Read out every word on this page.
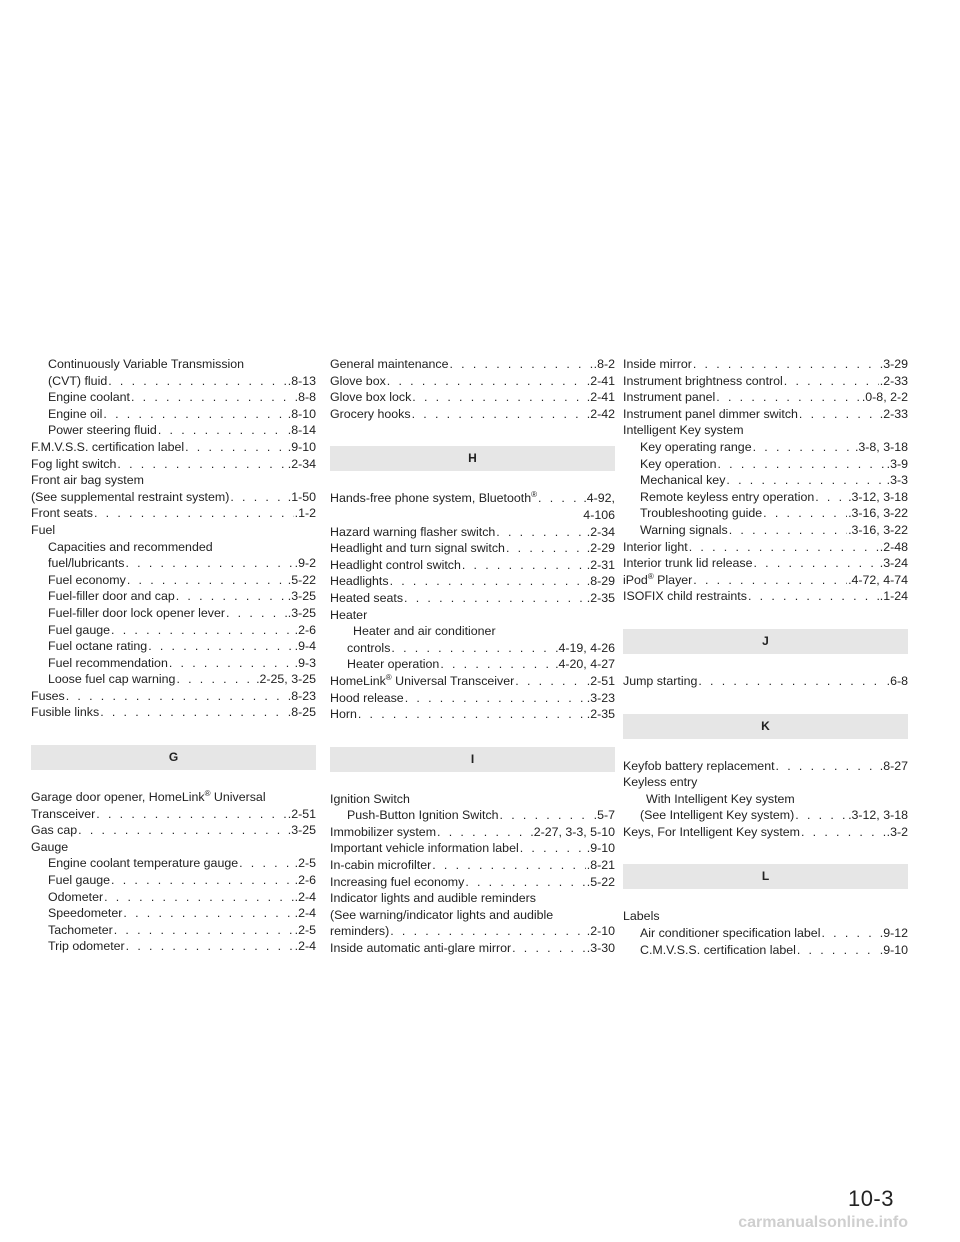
Continuously Variable Transmission
(CVT) fluid . . .	.8-13
Engine coolant . . .	.8-8
Engine oil . . .	.8-10
Power steering fluid . . .	.8-14
F.M.V.S.S. certification label . . .	.9-10
Fog light switch . . .	.2-34
Front air bag system
(See supplemental restraint system) . . .	.1-50
Front seats . . .	.1-2
Fuel
Capacities and recommended
fuel/lubricants . . .	.9-2
Fuel economy . . .	.5-22
Fuel-filler door and cap . . .	.3-25
Fuel-filler door lock opener lever . . .	.3-25
Fuel gauge . . .	.2-6
Fuel octane rating . . .	.9-4
Fuel recommendation . . .	.9-3
Loose fuel cap warning . . .	.2-25, 3-25
Fuses . . .	.8-23
Fusible links . . .	.8-25
G
Garage door opener, HomeLink® Universal
Transceiver . . .	.2-51
Gas cap . . .	.3-25
Gauge
Engine coolant temperature gauge . . .	.2-5
Fuel gauge . . .	.2-6
Odometer . . .	.2-4
Speedometer . . .	.2-4
Tachometer . . .	.2-5
Trip odometer . . .	.2-4
General maintenance . . .	.8-2
Glove box . . .	.2-41
Glove box lock . . .	.2-41
Grocery hooks . . .	.2-42
H
Hands-free phone system, Bluetooth® . . .	.4-92,
4-106
Hazard warning flasher switch . . .	.2-34
Headlight and turn signal switch . . .	.2-29
Headlight control switch . . .	.2-31
Headlights . . .	.8-29
Heated seats . . .	.2-35
Heater
Heater and air conditioner
controls . . .	.4-19, 4-26
Heater operation . . .	.4-20, 4-27
HomeLink® Universal Transceiver . . .	.2-51
Hood release . . .	.3-23
Horn . . .	.2-35
I
Ignition Switch
Push-Button Ignition Switch . . .	.5-7
Immobilizer system . . .	.2-27, 3-3, 5-10
Important vehicle information label . . .	.9-10
In-cabin microfilter . . .	.8-21
Increasing fuel economy . . .	.5-22
Indicator lights and audible reminders
(See warning/indicator lights and audible
reminders) . . .	.2-10
Inside automatic anti-glare mirror . . .	.3-30
Inside mirror . . .	.3-29
Instrument brightness control . . .	.2-33
Instrument panel . . .	.0-8, 2-2
Instrument panel dimmer switch . . .	.2-33
Intelligent Key system
Key operating range . . .	.3-8, 3-18
Key operation . . .	.3-9
Mechanical key . . .	.3-3
Remote keyless entry operation . . .	.3-12, 3-18
Troubleshooting guide . . .	.3-16, 3-22
Warning signals . . .	.3-16, 3-22
Interior light . . .	.2-48
Interior trunk lid release . . .	.3-24
iPod® Player . . .	.4-72, 4-74
ISOFIX child restraints . . .	.1-24
J
Jump starting . . .	.6-8
K
Keyfob battery replacement . . .	.8-27
Keyless entry
With Intelligent Key system
(See Intelligent Key system) . . .	.3-12, 3-18
Keys, For Intelligent Key system . . .	.3-2
L
Labels
Air conditioner specification label . . .	.9-12
C.M.V.S.S. certification label . . .	.9-10
10-3
carmanualsonline.info
